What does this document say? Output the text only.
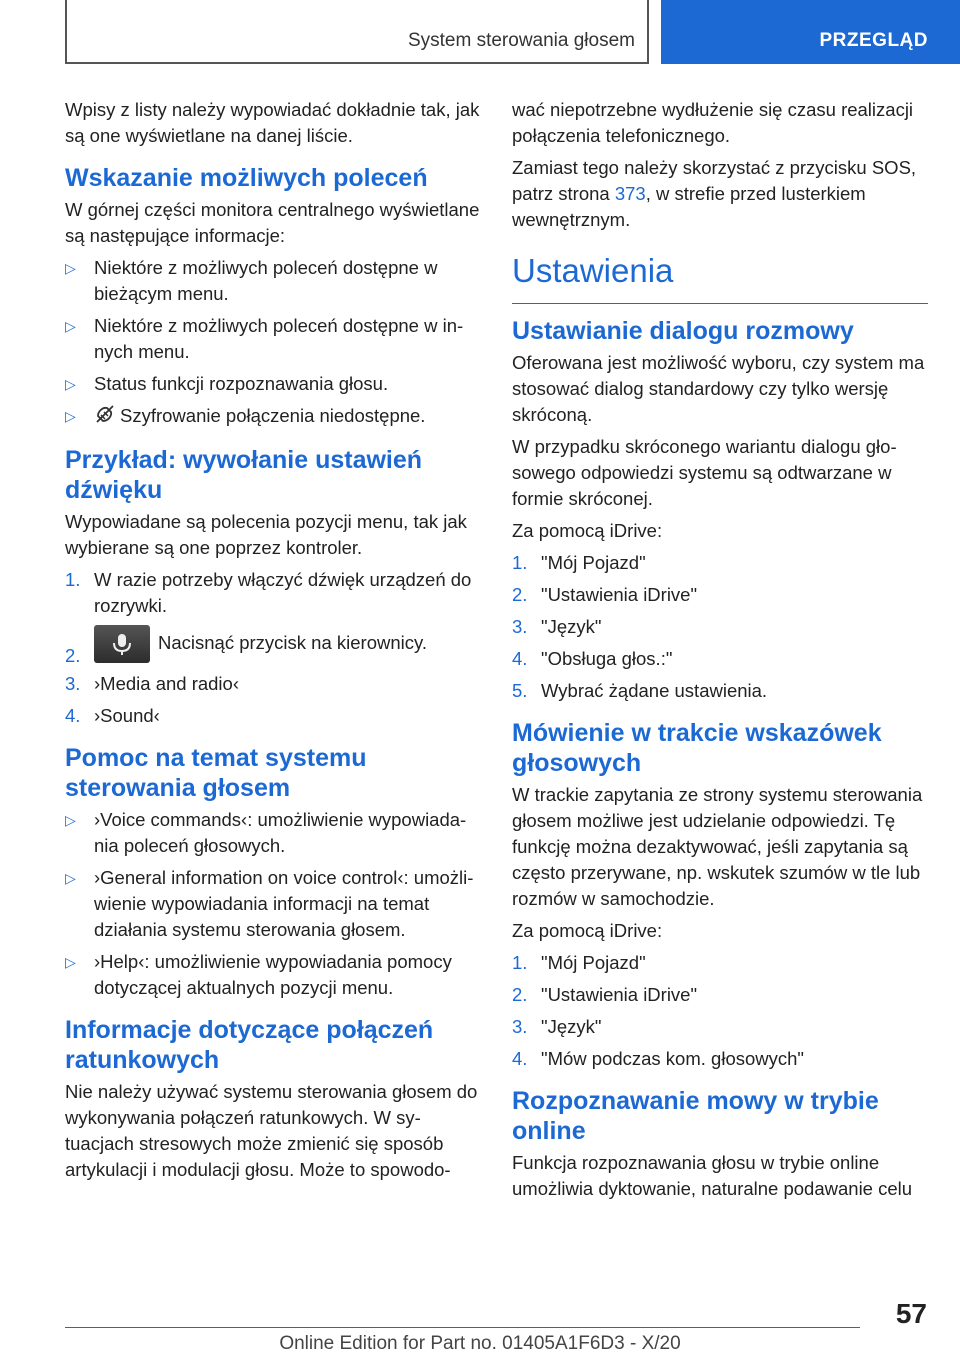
System sterowania głosem	PRZEGLĄD

Wpisy z listy należy wypowiadać dokładnie tak, jak są one wyświetlane na danej liście.

Wskazanie możliwych poleceń

W górnej części monitora centralnego wyświetlane są następujące informacje:

▷ Niektóre z możliwych poleceń dostępne w bieżącym menu.
▷ Niektóre z możliwych poleceń dostępne w innych menu.
▷ Status funkcji rozpoznawania głosu.
▷ Szyfrowanie połączenia niedostępne.
Przykład: wywołanie ustawień dźwięku

Wypowiadane są polecenia pozycji menu, tak jak wybierane są one poprzez kontroler.

1. W razie potrzeby włączyć dźwięk urządzeń do rozrywki.
2.
Nacisnąć przycisk na kierownicy.
3. ›Media and radio‹
4. ›Sound‹
Pomoc na temat systemu sterowania głosem
▷ ›Voice commands‹: umożliwienie wypowiadania poleceń głosowych.
▷ ›General information on voice control‹: umożliwienie wypowiadania informacji na temat działania systemu sterowania głosem.
▷ ›Help‹: umożliwienie wypowiadania pomocy dotyczącej aktualnych pozycji menu.
Informacje dotyczące połączeń ratunkowych

Nie należy używać systemu sterowania głosem do wykonywania połączeń ratunkowych. W sytuacjach stresowych może zmienić się sposób artykulacji i modulacji głosu. Może to spowodo-

wać niepotrzebne wydłużenie się czasu realizacji połączenia telefonicznego.

Zamiast tego należy skorzystać z przycisku SOS, patrz strona 373, w strefie przed lusterkiem wewnętrznym.

Ustawienia
Ustawianie dialogu rozmowy

Oferowana jest możliwość wyboru, czy system ma stosować dialog standardowy czy tylko wersję skróconą.

W przypadku skróconego wariantu dialogu głosowego odpowiedzi systemu są odtwarzane w formie skróconej.

Za pomocą iDrive:

1. "Mój Pojazd"
2. "Ustawienia iDrive"
3. "Język"
4. "Obsługa głos.:"
5. Wybrać żądane ustawienia.
Mówienie w trakcie wskazówek głosowych

W trackie zapytania ze strony systemu sterowania głosem możliwe jest udzielanie odpowiedzi. Tę funkcję można dezaktywować, jeśli zapytania są często przerywane, np. wskutek szumów w tle lub rozmów w samochodzie.

Za pomocą iDrive:

1. "Mój Pojazd"
2. "Ustawienia iDrive"
3. "Język"
4. "Mów podczas kom. głosowych"
Rozpoznawanie mowy w trybie online

Funkcja rozpoznawania głosu w trybie online umożliwia dyktowanie, naturalne podawanie celu

57
Online Edition for Part no. 01405A1F6D3 - X/20
